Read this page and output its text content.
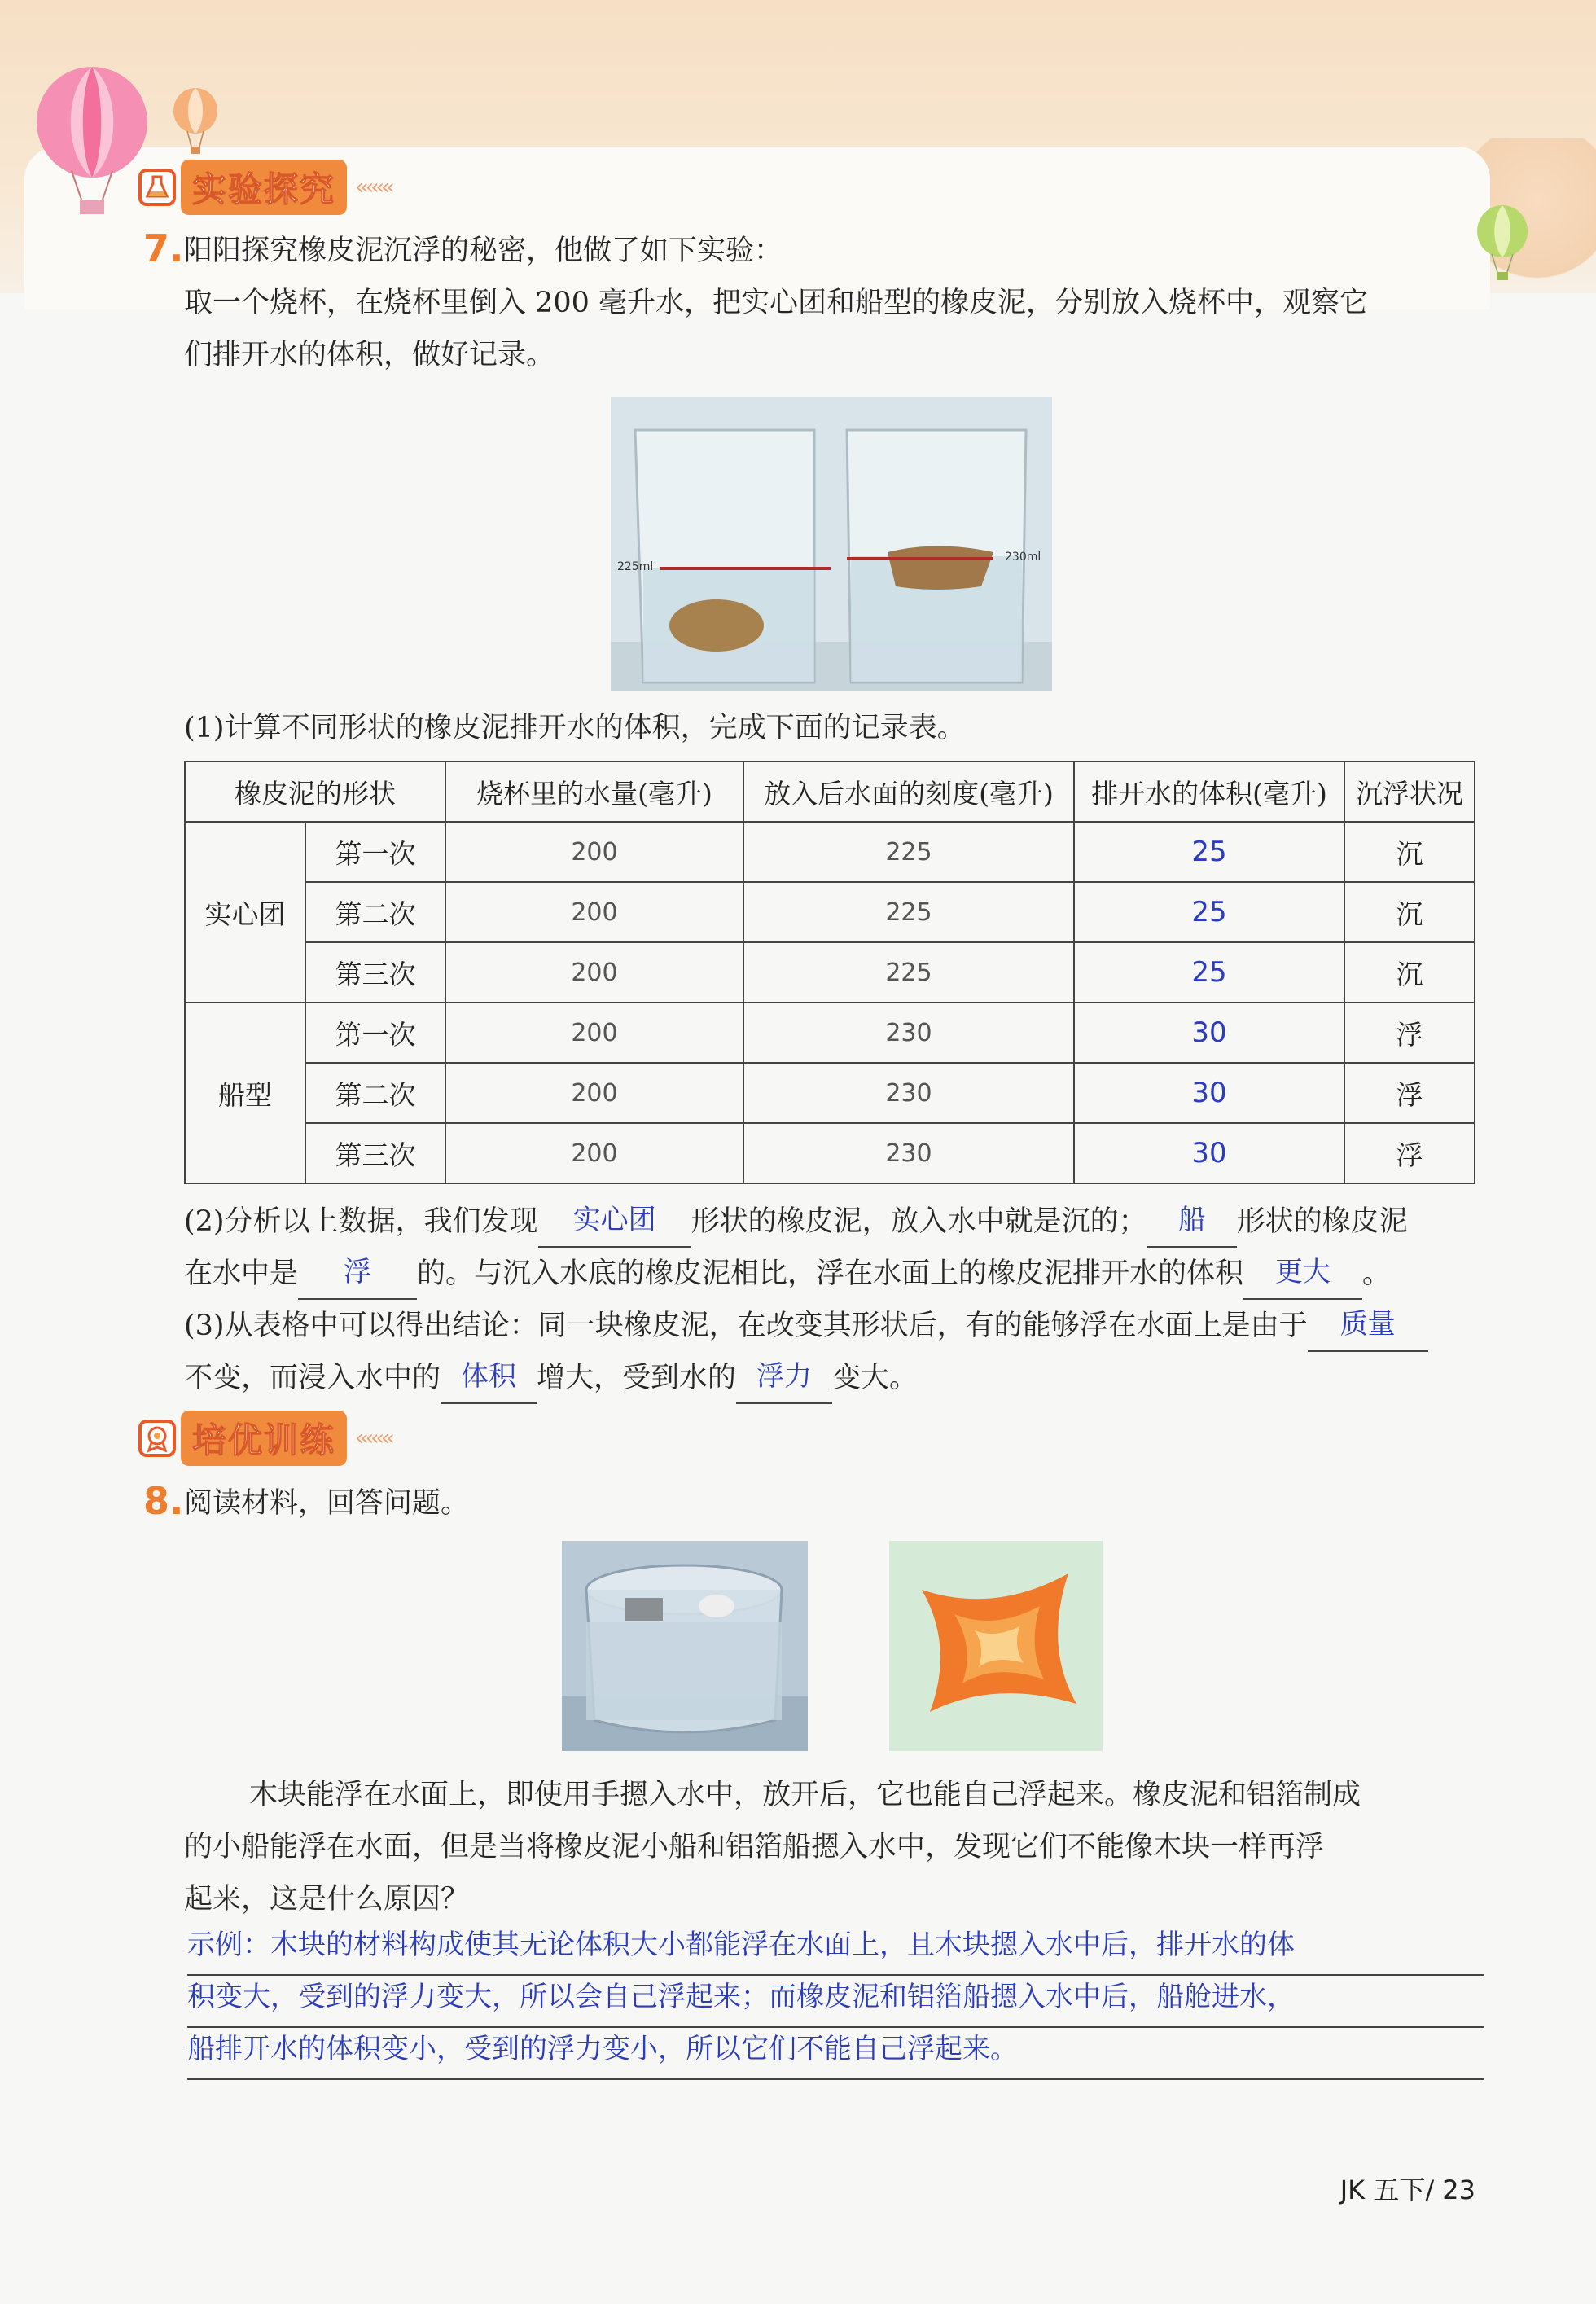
实验探究 ‹‹‹‹‹‹‹
7. 阳阳探究橡皮泥沉浮的秘密，他做了如下实验：
取一个烧杯，在烧杯里倒入 200 毫升水，把实心团和船型的橡皮泥，分别放入烧杯中，观察它
们排开水的体积，做好记录。
225ml
230ml
(1)计算不同形状的橡皮泥排开水的体积，完成下面的记录表。
橡皮泥的形状		烧杯里的水量(毫升)	放入后水面的刻度(毫升)	排开水的体积(毫升)	沉浮状况
实心团	第一次	200	225	25	沉
	第二次	200	225	25	沉
	第三次	200	225	25	沉
船型	第一次	200	230	30	浮
	第二次	200	230	30	浮
	第三次	200	230	30	浮
(2)分析以上数据，我们发现	实心团	形状的橡皮泥，放入水中就是沉的；	船	形状的橡皮泥
在水中是	浮	的。与沉入水底的橡皮泥相比，浮在水面上的橡皮泥排开水的体积	更大	。
(3)从表格中可以得出结论：同一块橡皮泥，在改变其形状后，有的能够浮在水面上是由于	质量
不变，而浸入水中的 体积 增大，受到水的 浮力 变大。
培优训练 ‹‹‹‹‹‹‹
8. 阅读材料，回答问题。
木块能浮在水面上，即使用手摁入水中，放开后，它也能自己浮起来。橡皮泥和铝箔制成
的小船能浮在水面，但是当将橡皮泥小船和铝箔船摁入水中，发现它们不能像木块一样再浮
起来，这是什么原因？
示例：木块的材料构成使其无论体积大小都能浮在水面上，且木块摁入水中后，排开水的体
积变大，受到的浮力变大，所以会自己浮起来；而橡皮泥和铝箔船摁入水中后，船舱进水，
船排开水的体积变小，受到的浮力变小，所以它们不能自己浮起来。
JK 五下/ 23
